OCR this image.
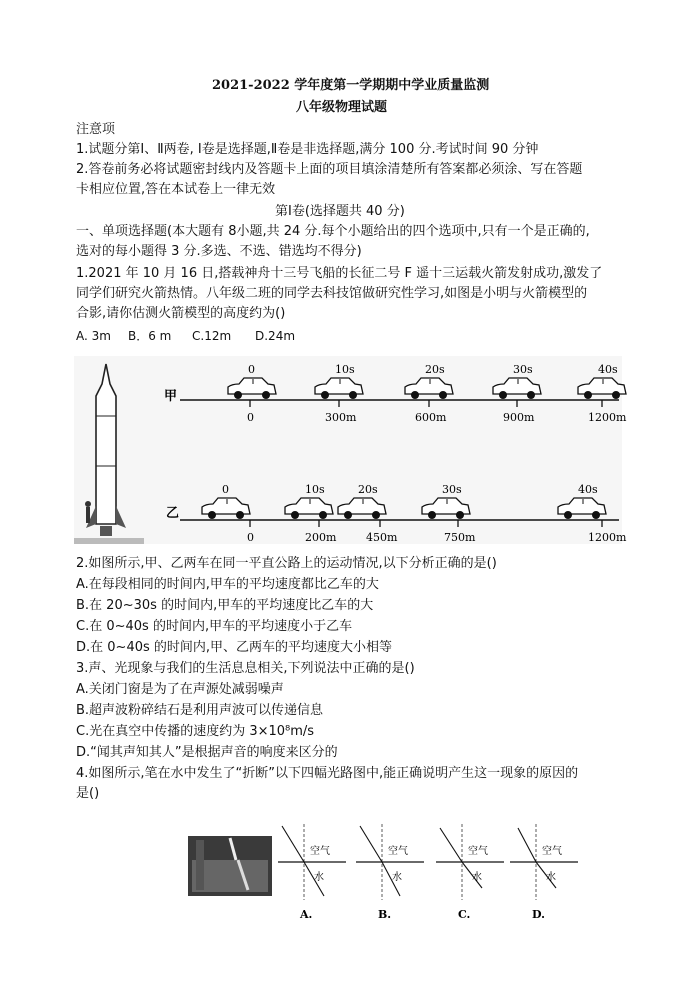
2021-2022 学年度第一学期期中学业质量监测
八年级物理试题
注意项
1.试题分第Ⅰ、Ⅱ两卷, Ⅰ卷是选择题,Ⅱ卷是非选择题,满分 100 分.考试时间 90 分钟
2.答卷前务必将试题密封线内及答题卡上面的项目填涂清楚所有答案都必须涂、写在答题
卡相应位置,答在本试卷上一律无效
第Ⅰ卷(选择题共 40 分)
一、单项选择题(本大题有 8小题,共 24 分.每个小题给出的四个选项中,只有一个是正确的,
选对的每小题得 3 分.多选、不选、错选均不得分)
1.2021 年 10 月 16 日,搭载神舟十三号飞船的长征二号 F 遥十三运载火箭发射成功,激发了
同学们研究火箭热情。八年级二班的同学去科技馆做研究性学习,如图是小明与火箭模型的
合影,请你估测火箭模型的高度约为()
A. 3m B．6 m C.12m D.24m
甲
乙
0
0
10s
300m
20s
600m
30s
900m
40s
1200m
0
0
10s
200m
20s
450m
30s
750m
40s
1200m
2.如图所示,甲、乙两车在同一平直公路上的运动情况,以下分析正确的是()
A.在每段相同的时间内,甲车的平均速度都比乙车的大
B.在 20~30s 的时间内,甲车的平均速度比乙车的大
C.在 0~40s 的时间内,甲车的平均速度小于乙车
D.在 0~40s 的时间内,甲、乙两车的平均速度大小相等
3.声、光现象与我们的生活息息相关,下列说法中正确的是()
A.关闭门窗是为了在声源处减弱噪声
B.超声波粉碎结石是利用声波可以传递信息
C.光在真空中传播的速度约为 3×10⁸m/s
D.“闻其声知其人”是根据声音的响度来区分的
4.如图所示,笔在水中发生了“折断”以下四幅光路图中,能正确说明产生这一现象的原因的
是()
空气
水
A.
空气
水
B.
空气
水
C.
空气
水
D.
